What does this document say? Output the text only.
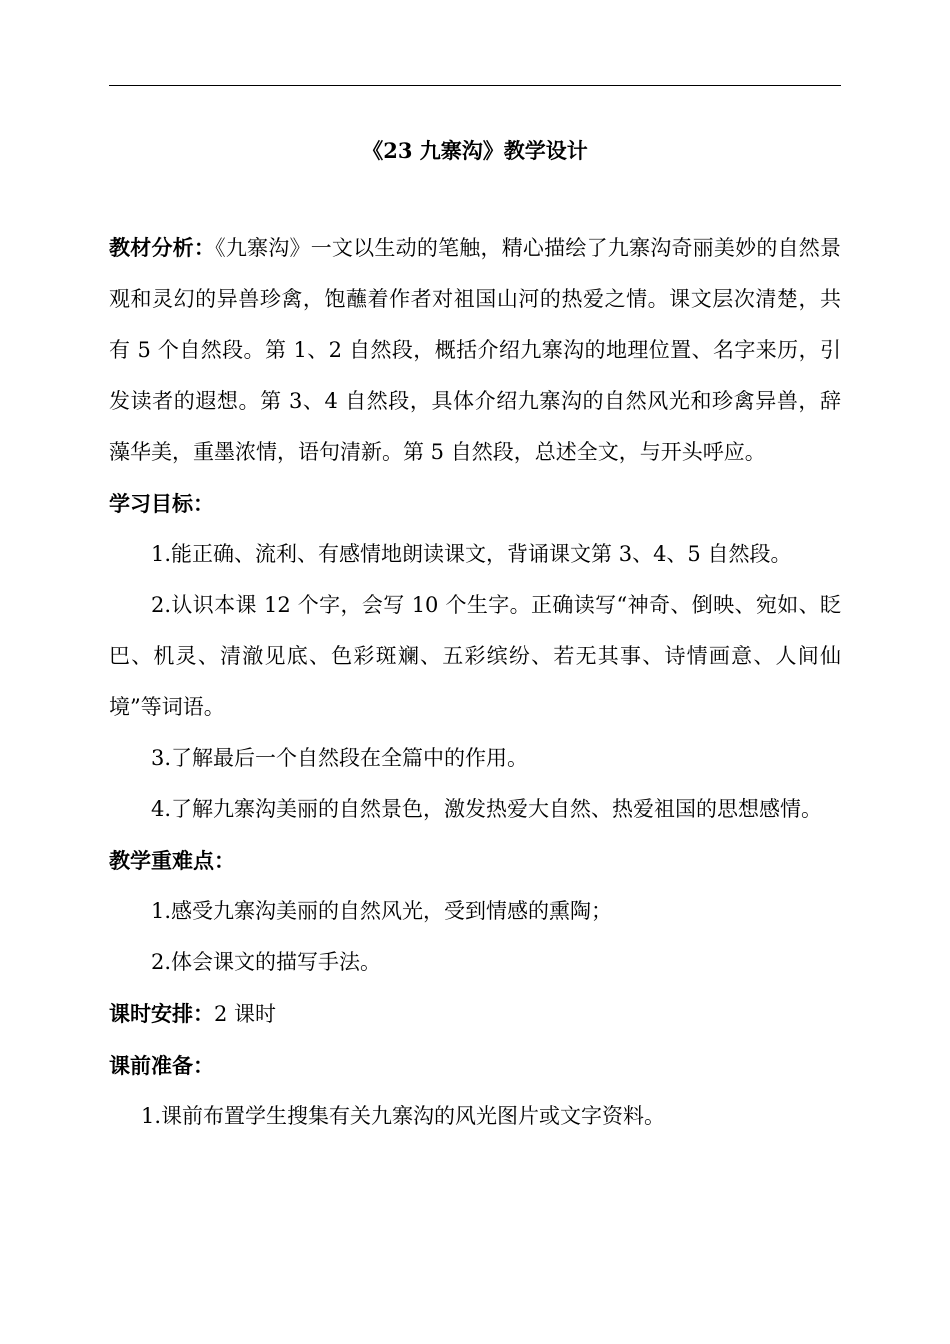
《23 九寨沟》教学设计

教材分析：《九寨沟》一文以生动的笔触，精心描绘了九寨沟奇丽美妙的自然景观和灵幻的异兽珍禽，饱蘸着作者对祖国山河的热爱之情。课文层次清楚，共有 5 个自然段。第 1、2 自然段，概括介绍九寨沟的地理位置、名字来历，引发读者的遐想。第 3、4 自然段，具体介绍九寨沟的自然风光和珍禽异兽，辞藻华美，重墨浓情，语句清新。第 5 自然段，总述全文，与开头呼应。

学习目标：

1.能正确、流利、有感情地朗读课文，背诵课文第 3、4、5 自然段。

2.认识本课 12 个字，会写 10 个生字。正确读写“神奇、倒映、宛如、眨巴、机灵、清澈见底、色彩斑斓、五彩缤纷、若无其事、诗情画意、人间仙境”等词语。

3.了解最后一个自然段在全篇中的作用。

4.了解九寨沟美丽的自然景色，激发热爱大自然、热爱祖国的思想感情。

教学重难点：

1.感受九寨沟美丽的自然风光，受到情感的熏陶；

2.体会课文的描写手法。

课时安排：2 课时

课前准备：

1.课前布置学生搜集有关九寨沟的风光图片或文字资料。
